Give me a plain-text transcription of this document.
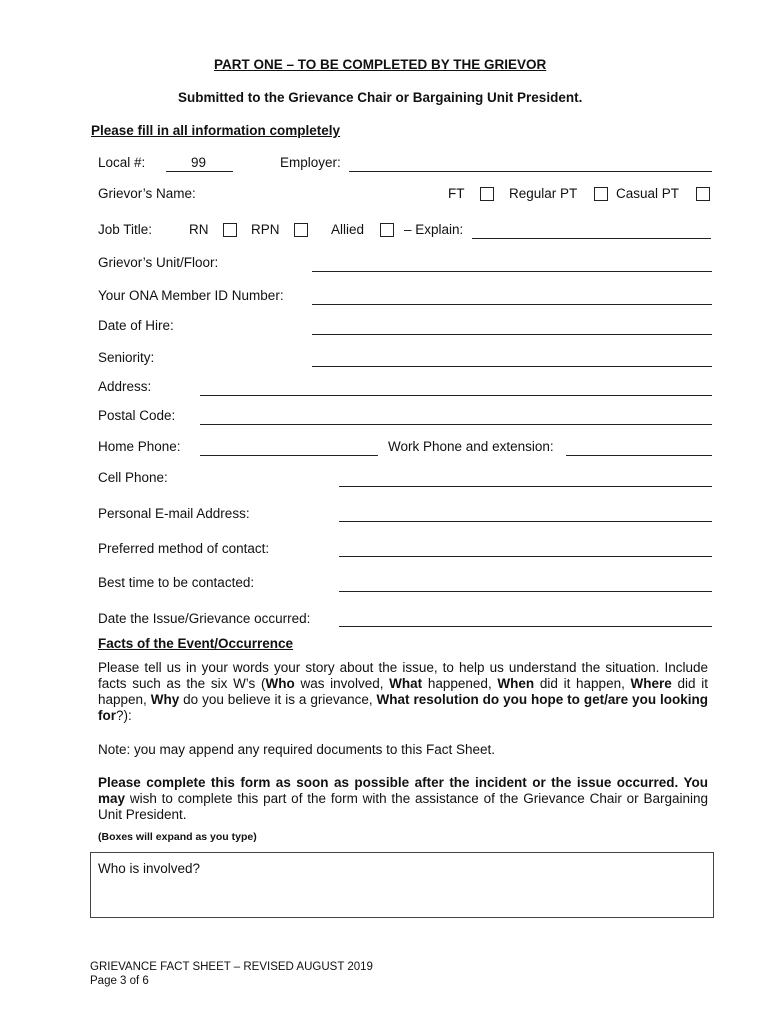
PART ONE – TO BE COMPLETED BY THE GRIEVOR
Submitted to the Grievance Chair or Bargaining Unit President.
Please fill in all information completely
Local #:	99	Employer:
Grievor’s Name:	FT	Regular PT	Casual PT
Job Title:	RN	RPN	Allied	– Explain:
Grievor’s Unit/Floor:
Your ONA Member ID Number:
Date of Hire:
Seniority:
Address:
Postal Code:
Home Phone:	Work Phone and extension:
Cell Phone:
Personal E-mail Address:
Preferred method of contact:
Best time to be contacted:
Date the Issue/Grievance occurred:
Facts of the Event/Occurrence
Please tell us in your words your story about the issue, to help us understand the situation. Include facts such as the six W’s (Who was involved, What happened, When did it happen, Where did it happen, Why do you believe it is a grievance, What resolution do you hope to get/are you looking for?):
Note: you may append any required documents to this Fact Sheet.
Please complete this form as soon as possible after the incident or the issue occurred. You may wish to complete this part of the form with the assistance of the Grievance Chair or Bargaining Unit President.
(Boxes will expand as you type)
Who is involved?
GRIEVANCE FACT SHEET – REVISED AUGUST 2019
Page 3 of 6
